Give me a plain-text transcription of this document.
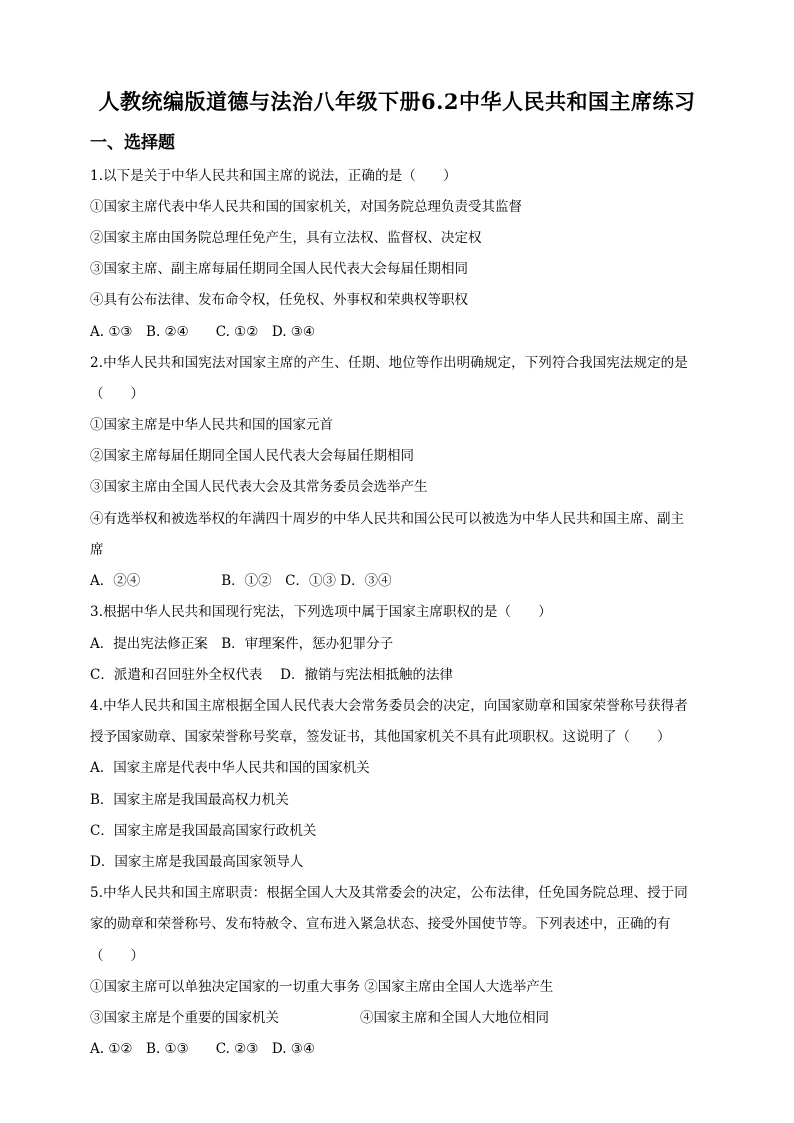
人教统编版道德与法治八年级下册6.2中华人民共和国主席练习
一、选择题
1.以下是关于中华人民共和国主席的说法，正确的是（　　）
①国家主席代表中华人民共和国的国家机关，对国务院总理负责受其监督
②国家主席由国务院总理任免产生，具有立法权、监督权、决定权
③国家主席、副主席每届任期同全国人民代表大会每届任期相同
④具有公布法律、发布命令权，任免权、外事权和荣典权等职权
A. ①③　B. ②④　　C. ①②　D. ③④
2.中华人民共和国宪法对国家主席的产生、任期、地位等作出明确规定，下列符合我国宪法规定的是
（　　）
①国家主席是中华人民共和国的国家元首
②国家主席每届任期同全国人民代表大会每届任期相同
③国家主席由全国人民代表大会及其常务委员会选举产生
④有选举权和被选举权的年满四十周岁的中华人民共和国公民可以被选为中华人民共和国主席、副主
席
A．②④　　　　　　B．①②　C．①③ D．③④
3.根据中华人民共和国现行宪法，下列选项中属于国家主席职权的是（　　）
A．提出宪法修正案　B．审理案件，惩办犯罪分子
C．派遣和召回驻外全权代表　 D．撤销与宪法相抵触的法律
4.中华人民共和国主席根据全国人民代表大会常务委员会的决定，向国家勋章和国家荣誉称号获得者
授予国家勋章、国家荣誉称号奖章，签发证书，其他国家机关不具有此项职权。这说明了（　　）
A．国家主席是代表中华人民共和国的国家机关
B．国家主席是我国最高权力机关
C．国家主席是我国最高国家行政机关
D．国家主席是我国最高国家领导人
5.中华人民共和国主席职责：根据全国人大及其常委会的决定，公布法律，任免国务院总理、授于同
家的勋章和荣誉称号、发布特赦令、宣布进入紧急状态、接受外国使节等。下列表述中，正确的有
（　　）
①国家主席可以单独决定国家的一切重大事务 ②国家主席由全国人大选举产生
③国家主席是个重要的国家机关　　　　　　④国家主席和全国人大地位相同
A. ①②　B. ①③　　C. ②③　D. ③④
